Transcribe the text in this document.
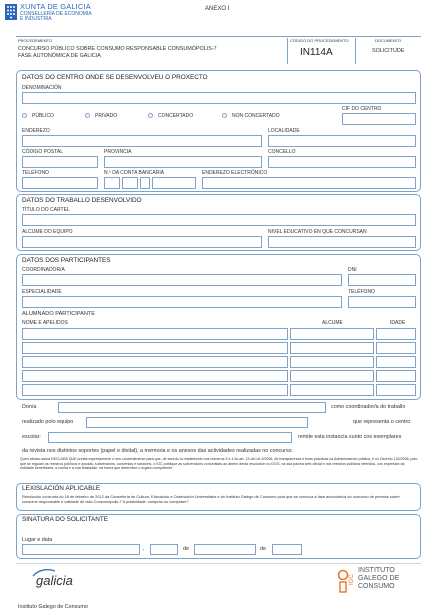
XUNTA DE GALICIA
CONSELLERÍA DE ECONOMÍA
E INDUSTRIA
ANEXO I
PROCEDEMENTO
CONCURSO PÚBLICO SOBRE CONSUMO RESPONSABLE CONSUMÓPOLIS-7
FASE AUTONÓMICA DE GALICIA
CÓDIGO DO PROCEDEMENTO
IN114A
DOCUMENTO
SOLICITUDE
DATOS DO CENTRO ONDE SE DESENVOLVEU O PROXECTO
DENOMINACIÓN
PÚBLICO	PRIVADO	CONCERTADO	NON CONCERTADO
CIF DO CENTRO
ENDEREZO	LOCALIDADE
CÓDIGO POSTAL	PROVINCIA	CONCELLO
TELÉFONO	N.º DA CONTA BANCARIA	ENDEREZO ELECTRÓNICO
DATOS DO TRABALLO DESENVOLVIDO
TÍTULO DO CARTEL
ALCUME DO EQUIPO	NIVEL EDUCATIVO EN QUE CONCURSAN
DATOS DOS PARTICIPANTES
COORDINADOR/A	DNI
ESPECIALIDADE	TELÉFONO
ALUMNADO PARTICIPANTE
NOME E APELIDOS	ALCUME	IDADE
Don/a	como coordinador/a do traballo
realizado polo equipo	que representa o centro
escolar:	remite esta instancia xunto cos exemplares
da revista nos distintos soportes (papel e dixital), a memoria e os anexos das actividades realizadas no concurso.
Quen abaixo asina DECLARA QUE presta expresamente o seu consentimento para que, de acordo co establecido nos números 3 e 4 do art. 13 da Lei 4/2006, de transparencia e boas prácticas na Administración pública, e no Decreto 132/2006, polo que se regulan os rexistros públicos e axudas, subvencións, convenios e sancións, o IGC publique as subvencións concedidas ao abeiro desta resolución no DOG, na súa páxina web oficial e nos rexistros públicos referidos, con expresión da entidade beneficiaria, a contía e a súa finalidade, na forma que determine o órgano competente.
LEXISLACIÓN APLICABLE
Resolución conxunta do 16 de febreiro de 2012 da Consellería de Cultura, Educación e Ordenación Universitaria e do Instituto Galego de Consumo pola que se convoca a fase autonómica do concurso de premios sobre consumo responsable e calidade de vida Consumópolis-7 A publicidade: compras ou comprase?
SINATURA DO SOLICITANTE
Lugar e data
,	de	de
galicia	IGC
INSTITUTO
GALEGO DE
CONSUMO
Instituto Galego de Consumo
